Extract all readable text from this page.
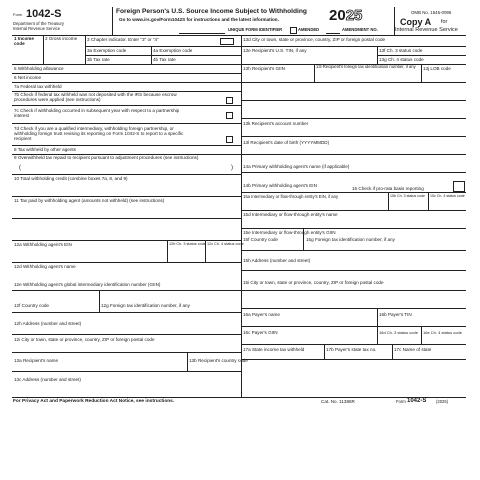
Form 1042-S
Department of the Treasury
Internal Revenue Service
Foreign Person's U.S. Source Income Subject to Withholding
Go to www.irs.gov/Form1042S for instructions and the latest information.	2025	OMB No. 1545-0096
Copy A for
Internal Revenue Service
UNIQUE FORM IDENTIFIER	AMENDED	AMENDMENT NO.
1 Income code
2 Gross income 3 Chapter indicator. Enter "3" or "4"
3a Exemption code	4a Exemption code
3b Tax rate	4b Tax rate
5 Withholding allowance
6 Net income
7a Federal tax withheld
7b Check if federal tax withheld was not deposited with the IRS because escrow procedures were applied (see instructions)
7c Check if withholding occurred in subsequent year with respect to a partnership interest
7d Check if you are a qualified intermediary, withholding foreign partnership, or withholding foreign trust revising its reporting on Form 1042-S to report to a specific recipient
8 Tax withheld by other agents
9 Overwithheld tax repaid to recipient pursuant to adjustment procedures (see instructions)
(	)
10 Total withholding credit (combine boxes 7a, 8, and 9)
11 Tax paid by withholding agent (amounts not withheld) (see instructions)
12a Withholding agent's EIN	12b Ch. 3 status code 12c Ch. 4 status code
12d Withholding agent's name
12e Withholding agent's global intermediary identification number (GIIN)
12f Country code	12g Foreign tax identification number, if any
12h Address (number and street)
12i City or town, state or province, country, ZIP or foreign postal code
13a Recipient's name	13b Recipient's country code
13c Address (number and street)
13d City or town, state or province, country, ZIP or foreign postal code
13e Recipient's U.S. TIN, if any	13f Ch. 3 status code
13g Ch. 4 status code
13h Recipient's GIIN	13i Recipient's foreign tax identification number, if any	13j LOB code
13k Recipient's account number
13l Recipient's date of birth (YYYYMMDD)
14a Primary withholding agent's name (if applicable)
14b Primary withholding agent's EIN
15 Check if pro-rata basis reporting
15a Intermediary or flow-through entity's EIN, if any	15b Ch. 3 status code 15c Ch. 4 status code
15d Intermediary or flow-through entity's name
15e Intermediary or flow-through entity's GIIN
15f Country code	15g Foreign tax identification number, if any
15h Address (number and street)
15i City or town, state or province, country, ZIP or foreign postal code
16a Payer's name	16b Payer's TIN
16c Payer's GIIN	16d Ch. 3 status code 16e Ch. 4 status code
17a State income tax withheld	17b Payer's state tax no.	17c Name of state
For Privacy Act and Paperwork Reduction Act Notice, see instructions.	Cat. No. 11386R	Form 1042-S (2025)
